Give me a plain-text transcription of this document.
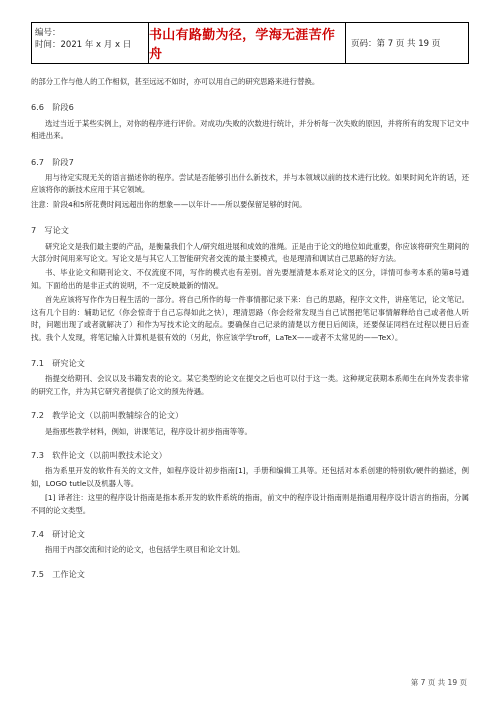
编号：
时间：2021 年 x 月 x 日
书山有路勤为径，学海无涯苦作舟
页码：第 7 页 共 19 页

的部分工作与他人的工作相似，甚至远远不如时，亦可以用自己的研究思路来进行替换。

6.6　阶段6

选过当近于某些实例上，对你的程序进行评价。对成功/失败的次数进行统计，并分析每一次失败的原因，并将所有的发现下记文中相进出来。

6.7　阶段7

用与待定实现无关的语言描述你的程序。尝试是否能够引出什么新技术，并与本领域以前的技术进行比较。如果时间允许的话，还应该将你的新技术应用于其它领域。

注意：阶段4和5所花费时间远超出你的想象——以年计——所以要保留足够的时间。

7　写论文

研究论文是我们最主要的产品，是衡量我们个人/研究组进展和成效的准绳。正是由于论文的地位如此重要，你应该将研究生期间的大部分时间用来写论文。写论文是与其它人工智能研究者交流的最主要模式，也是理清和调试自己思路的好方法。

书、毕业论文和期刊论文、不仅流度不同，写作的模式也有差别。首先要厘清楚本系对论文的区分，详情可参考本系的第8号通知。下面给出的是非正式的说明，不一定反映最新的情况。

首先应该将写作作为日程生活的一部分。将自己所作的每一件事情都记录下来：自己的思路，程序文文件，讲座笔记，论文笔记。这有几个目的：辅助记忆（你会惊奇于自己忘得如此之快），理清思路（你会经常发现当自己试图把笔记事情解释给自己或者他人听时，问题出现了或者就解决了）和作为写技术论文的起点。要确保自己记录的清楚以方便日后阅读，还要保证同档在过程以便日后查找。我个人发现，将笔记输入计算机是很有效的（另此，你应该学学troff，LaTeX——或者不太常见的——TeX）。

7.1　研究论文

指提交给期刊、会议以及书籍发表的论文。某它类型的论文在提交之后也可以付于这一类。这种规定获期本系师生在向外发表非常的研究工作，并为其它研究者提供了论文的预先待遇。

7.2　教学论文（以前叫教辅综合的论文）

是指那些教学材料，例如，讲课笔记，程序设计初步指南等等。

7.3　软件论文（以前叫教技术论文）

指为系里开发的软件有关的文文件，如程序设计初步指南[1]，手册和编辑工具等。还包括对本系创建的特别软/硬件的描述，例如，LOGO tutle以及机器人等。

[1] 译者注：这里的程序设计指南是指本系开发的软件系统的指南，前文中的程序设计指南则是指通用程序设计语言的指南，分属不同的论文类型。

7.4　研讨论文

指用于内部交流和讨论的论文，也包括学生项目和论文计划。

7.5　工作论文

第 7 页 共 19 页
